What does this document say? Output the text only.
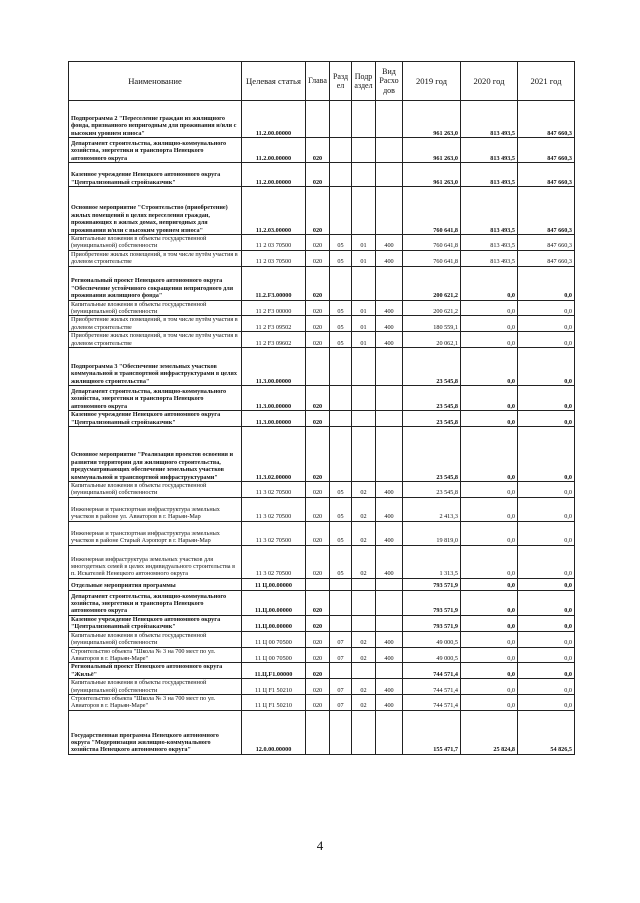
Наименование	Целевая статья	Глава	Разд ел	Подр аздел	Вид Расхо дов	2019 год	2020 год	2021 год
Подпрограмма 2 "Переселение граждан из жилищного фонда, признанного непригодным для проживания и/или с высоким уровнем износа"	11.2.00.00000					961 263,0	813 493,5	847 660,3
Департамент строительства, жилищно-коммунального хозяйства, энергетики и транспорта Ненецкого автономного округа	11.2.00.00000	020				961 263,0	813 493,5	847 660,3
Казенное учреждение Ненецкого автономного округа "Централизованный стройзаказчик"	11.2.00.00000	020				961 263,0	813 493,5	847 660,3
Основное мероприятие "Строительство (приобретение) жилых помещений в целях переселения граждан, проживающих в жилых домах, непригодных для проживания и/или с высоким уровнем износа"	11.2.03.00000	020				760 641,8	813 493,5	847 660,3
Капитальные вложения в объекты государственной (муниципальной) собственности	11 2 03 70500	020	05	01	400	760 641,8	813 493,5	847 660,3
Приобретение жилых помещений, в том числе путём участия в долевом строительстве	11 2 03 70500	020	05	01	400	760 641,8	813 493,5	847 660,3
Региональный проект Ненецкого автономного округа "Обеспечение устойчивого сокращения непригодного для проживания жилищного фонда"	11.2.F3.00000	020				200 621,2	0,0	0,0
Капитальные вложения в объекты государственной (муниципальной) собственности	11 2 F3 00000	020	05	01	400	200 621,2	0,0	0,0
Приобретение жилых помещений, в том числе путём участия в долевом строительстве	11 2 F3 09502	020	05	01	400	180 559,1	0,0	0,0
Приобретение жилых помещений, в том числе путём участия в долевом строительстве	11 2 F3 09602	020	05	01	400	20 062,1	0,0	0,0
Подпрограмма 3 "Обеспечение земельных участков коммунальной и транспортной инфраструктурами в целях жилищного строительства"	11.3.00.00000					23 545,8	0,0	0,0
Департамент строительства, жилищно-коммунального хозяйства, энергетики и транспорта Ненецкого автономного округа	11.3.00.00000	020				23 545,8	0,0	0,0
Казенное учреждение Ненецкого автономного округа "Централизованный стройзаказчик"	11.3.00.00000	020				23 545,8	0,0	0,0
Основное мероприятие "Реализация проектов освоения и развития территории для жилищного строительства, предусматривающих обеспечение земельных участков коммунальной и транспортной инфраструктурами"	11.3.02.00000	020				23 545,8	0,0	0,0
Капитальные вложения в объекты государственной (муниципальной) собственности	11 3 02 70500	020	05	02	400	23 545,8	0,0	0,0
Инженерная и транспортная инфраструктура земельных участков в районе ул. Авиаторов в г. Нарьян-Мар	11 3 02 70500	020	05	02	400	2 413,3	0,0	0,0
Инженерная и транспортная инфраструктура земельных участков в районе Старый Аэропорт в г. Нарьян-Мар	11 3 02 70500	020	05	02	400	19 819,0	0,0	0,0
Инженерная инфраструктура земельных участков для многодетных семей в целях индивидуального строительства в п. Искателей Ненецкого автономного округа	11 3 02 70500	020	05	02	400	1 313,5	0,0	0,0
Отдельные мероприятия программы	11 Ц.00.00000					793 571,9	0,0	0,0
Департамент строительства, жилищно-коммунального хозяйства, энергетики и транспорта Ненецкого автономного округа	11.Ц.00.00000	020				793 571,9	0,0	0,0
Казенное учреждение Ненецкого автономного округа "Централизованный стройзаказчик"	11.Ц.00.00000	020				793 571,9	0,0	0,0
Капитальные вложения в объекты государственной (муниципальной) собственности	11 Ц 00 70500	020	07	02	400	49 000,5	0,0	0,0
Строительство объекта "Школа № 3 на 700 мест по ул. Авиаторов в г. Нарьян-Маре"	11 Ц 00 70500	020	07	02	400	49 000,5	0,0	0,0
Региональный проект Ненецкого автономного округа "Жильё"	11.Ц.F1.00000	020				744 571,4	0,0	0,0
Капитальные вложения в объекты государственной (муниципальной) собственности	11 Ц F1 50210	020	07	02	400	744 571,4	0,0	0,0
Строительство объекта "Школа № 3 на 700 мест по ул. Авиаторов в г. Нарьян-Маре"	11 Ц F1 50210	020	07	02	400	744 571,4	0,0	0,0
Государственная программа Ненецкого автономного округа "Модернизация жилищно-коммунального хозяйства Ненецкого автономного округа"	12.0.00.00000					155 471,7	25 824,8	54 826,5
4
